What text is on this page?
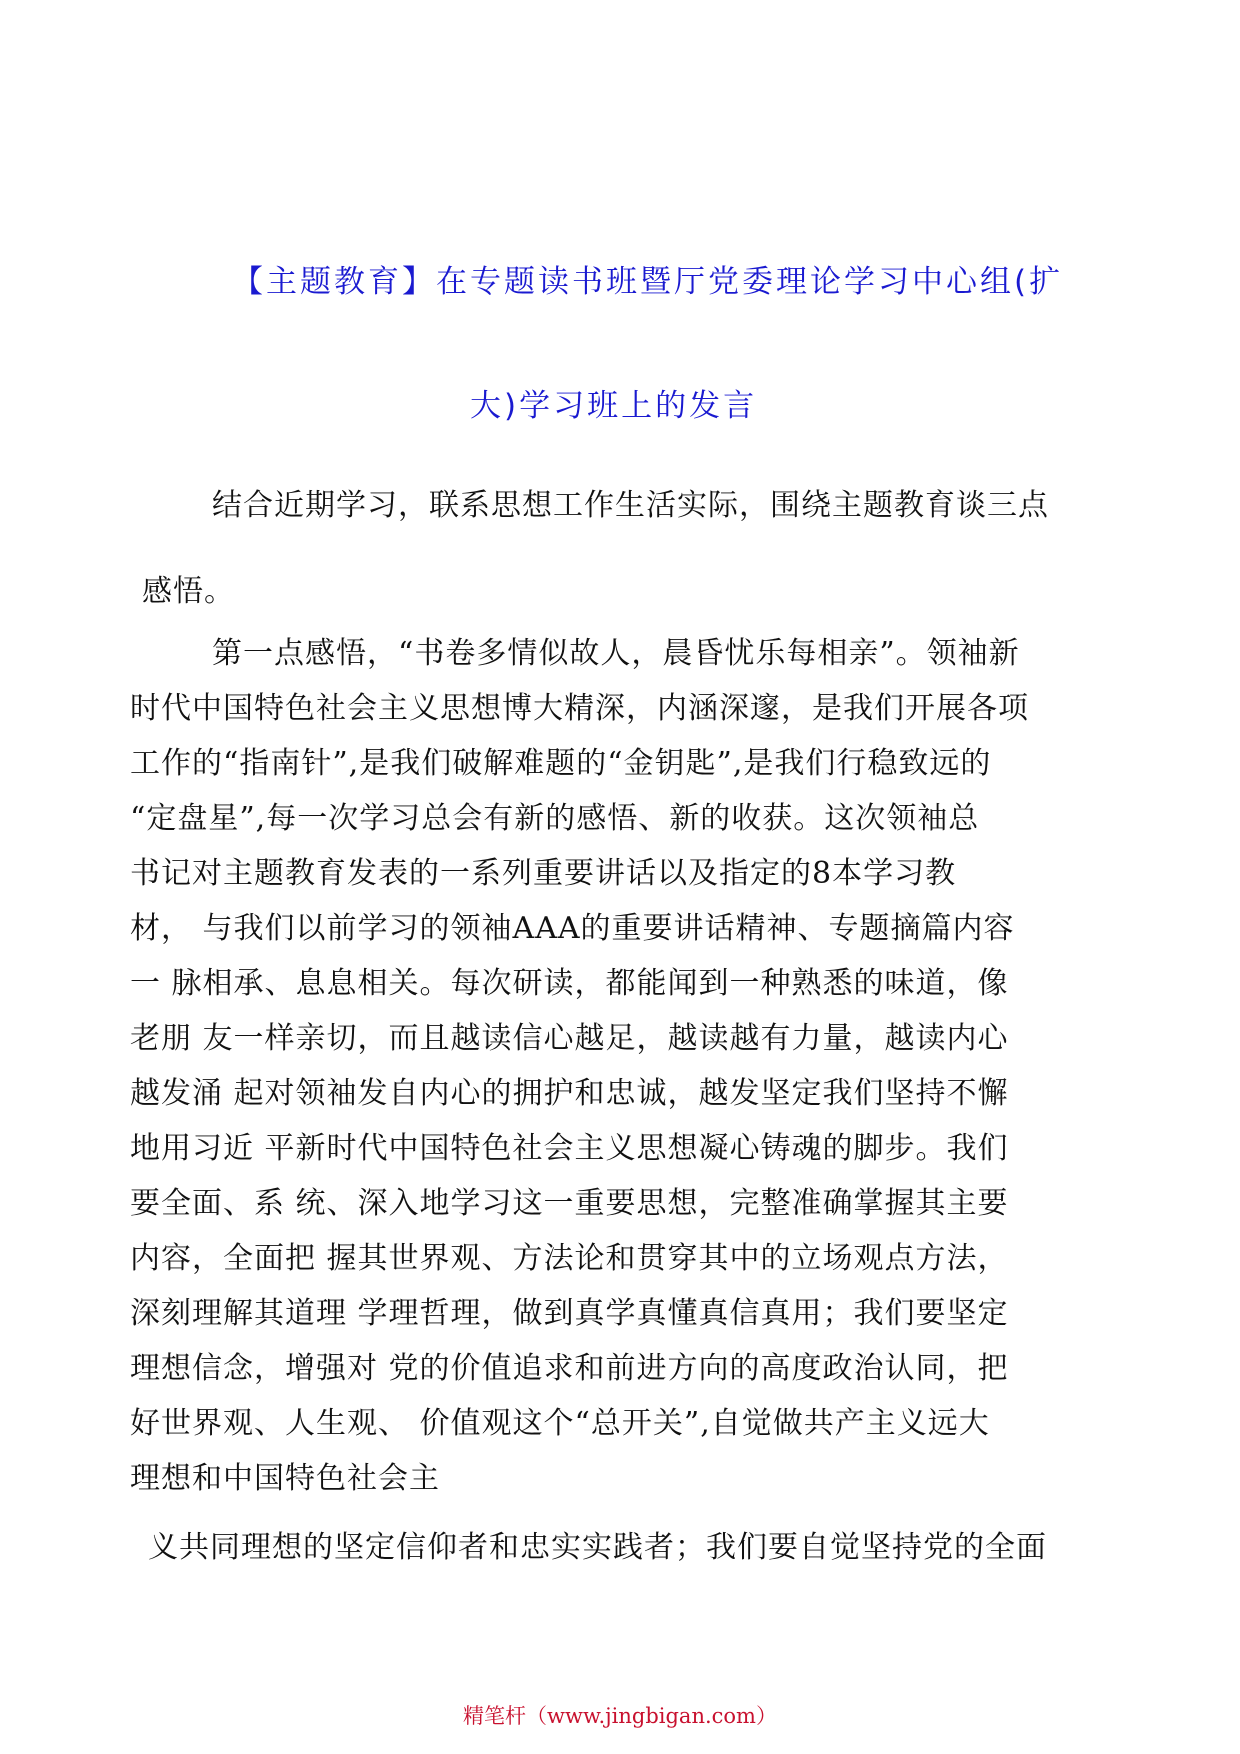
【主题教育】在专题读书班暨厅党委理论学习中心组(扩
大)学习班上的发言
结合近期学习，联系思想工作生活实际，围绕主题教育谈三点
感悟。
第一点感悟，“书卷多情似故人，晨昏忧乐每相亲”。领袖新
时代中国特色社会主义思想博大精深，内涵深邃，是我们开展各项
工作的“指南针”,是我们破解难题的“金钥匙”,是我们行稳致远的
“定盘星”,每一次学习总会有新的感悟、新的收获。这次领袖总
书记对主题教育发表的一系列重要讲话以及指定的8本学习教
材， 与我们以前学习的领袖AAA的重要讲话精神、专题摘篇内容
一 脉相承、息息相关。每次研读，都能闻到一种熟悉的味道，像
老朋 友一样亲切，而且越读信心越足，越读越有力量，越读内心
越发涌 起对领袖发自内心的拥护和忠诚，越发坚定我们坚持不懈
地用习近 平新时代中国特色社会主义思想凝心铸魂的脚步。我们
要全面、系 统、深入地学习这一重要思想，完整准确掌握其主要
内容，全面把 握其世界观、方法论和贯穿其中的立场观点方法，
深刻理解其道理 学理哲理，做到真学真懂真信真用；我们要坚定
理想信念，增强对 党的价值追求和前进方向的高度政治认同，把
好世界观、人生观、 价值观这个“总开关”,自觉做共产主义远大
理想和中国特色社会主
义共同理想的坚定信仰者和忠实实践者；我们要自觉坚持党的全面
精笔杆（www.jingbigan.com）
